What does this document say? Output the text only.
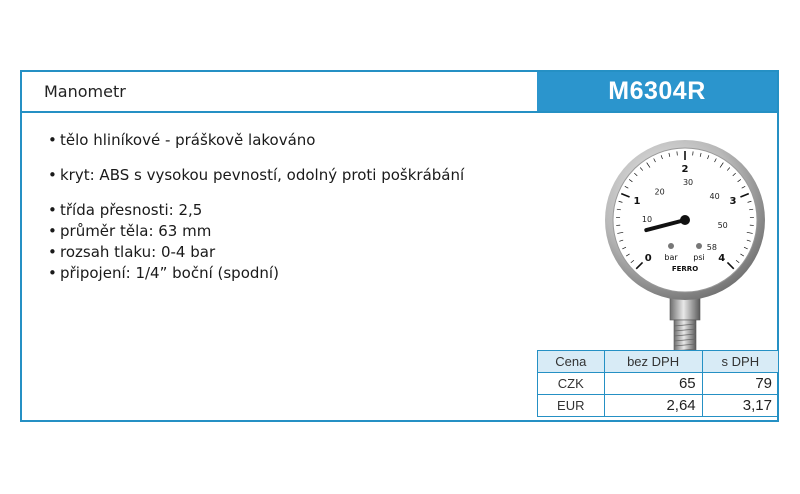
Manometr	M6304R
• tělo hliníkové - práškově lakováno
• kryt: ABS s vysokou pevností, odolný proti poškrábání
• třída přesnosti: 2,5
• průměr těla: 63 mm
• rozsah tlaku: 0-4 bar
• připojení: 1/4” boční (spodní)
0
1
2
3
4
10
20
30
40
50
58
bar psi
FERRO
Cena	bez DPH	s DPH
CZK	65	79
EUR	2,64	3,17
